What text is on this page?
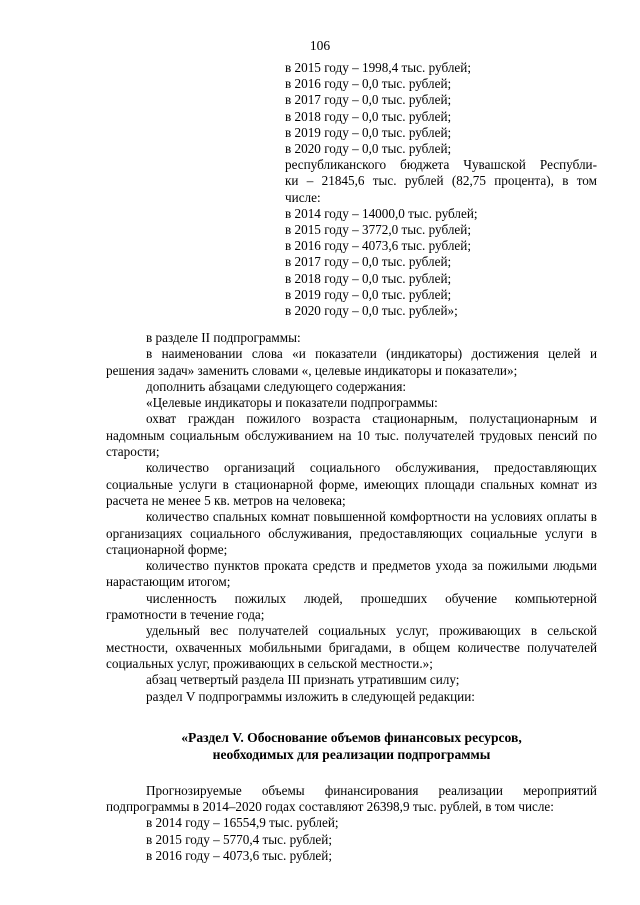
106
в 2015 году – 1998,4 тыс. рублей;
в 2016 году – 0,0 тыс. рублей;
в 2017 году – 0,0 тыс. рублей;
в 2018 году – 0,0 тыс. рублей;
в 2019 году – 0,0 тыс. рублей;
в 2020 году – 0,0 тыс. рублей;
республиканского бюджета Чувашской Республи-
ки – 21845,6 тыс. рублей (82,75 процента), в том
числе:
в 2014 году – 14000,0 тыс. рублей;
в 2015 году – 3772,0 тыс. рублей;
в 2016 году – 4073,6 тыс. рублей;
в 2017 году – 0,0 тыс. рублей;
в 2018 году – 0,0 тыс. рублей;
в 2019 году – 0,0 тыс. рублей;
в 2020 году – 0,0 тыс. рублей»;
в разделе II подпрограммы:
в наименовании слова «и показатели (индикаторы) достижения целей и решения задач» заменить словами «, целевые индикаторы и показатели»;
дополнить абзацами следующего содержания:
«Целевые индикаторы и показатели подпрограммы:
охват граждан пожилого возраста стационарным, полустационарным и надомным социальным обслуживанием на 10 тыс. получателей трудовых пенсий по старости;
количество организаций социального обслуживания, предоставляющих социальные услуги в стационарной форме, имеющих площади спальных комнат из расчета не менее 5 кв. метров на человека;
количество спальных комнат повышенной комфортности на условиях оплаты в организациях социального обслуживания, предоставляющих социальные услуги в стационарной форме;
количество пунктов проката средств и предметов ухода за пожилыми людьми нарастающим итогом;
численность пожилых людей, прошедших обучение компьютерной грамотности в течение года;
удельный вес получателей социальных услуг, проживающих в сельской местности, охваченных мобильными бригадами, в общем количестве получателей социальных услуг, проживающих в сельской местности.»;
абзац четвертый раздела III признать утратившим силу;
раздел V подпрограммы изложить в следующей редакции:
«Раздел V. Обоснование объемов финансовых ресурсов,
необходимых для реализации подпрограммы
Прогнозируемые объемы финансирования реализации мероприятий подпрограммы в 2014–2020 годах составляют 26398,9 тыс. рублей, в том числе:
в 2014 году – 16554,9 тыс. рублей;
в 2015 году – 5770,4 тыс. рублей;
в 2016 году – 4073,6 тыс. рублей;
